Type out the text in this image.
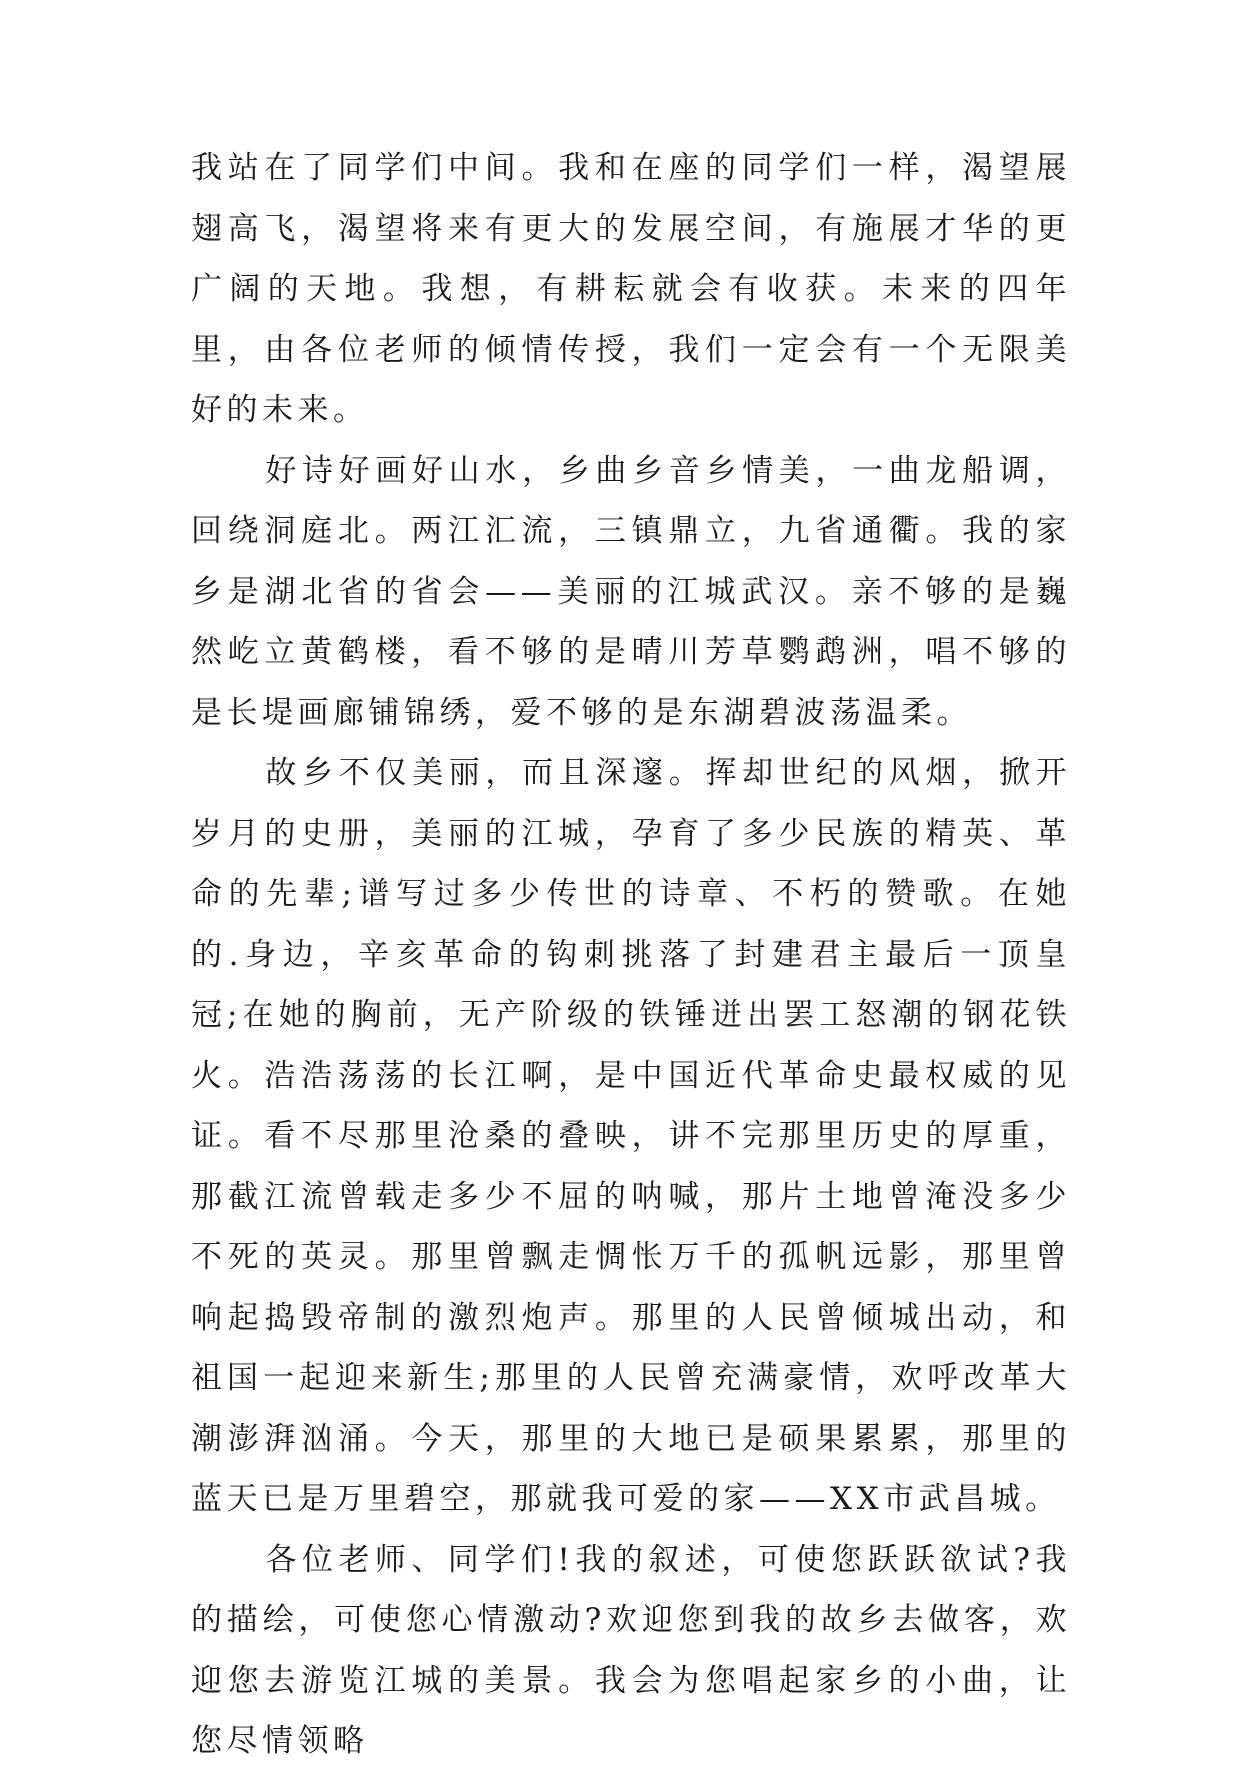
我站在了同学们中间。我和在座的同学们一样，渴望展翅高飞，渴望将来有更大的发展空间，有施展才华的更广阔的天地。我想，有耕耘就会有收获。未来的四年里，由各位老师的倾情传授，我们一定会有一个无限美好的未来。

好诗好画好山水，乡曲乡音乡情美，一曲龙船调，回绕洞庭北。两江汇流，三镇鼎立，九省通衢。我的家乡是湖北省的省会——美丽的江城武汉。亲不够的是巍然屹立黄鹤楼，看不够的是晴川芳草鹦鹉洲，唱不够的是长堤画廊铺锦绣，爱不够的是东湖碧波荡温柔。

故乡不仅美丽，而且深邃。挥却世纪的风烟，掀开岁月的史册，美丽的江城，孕育了多少民族的精英、革命的先辈;谱写过多少传世的诗章、不朽的赞歌。在她的.身边，辛亥革命的钩刺挑落了封建君主最后一顶皇冠;在她的胸前，无产阶级的铁锤迸出罢工怒潮的钢花铁火。浩浩荡荡的长江啊，是中国近代革命史最权威的见证。看不尽那里沧桑的叠映，讲不完那里历史的厚重，那截江流曾载走多少不屈的呐喊，那片土地曾淹没多少不死的英灵。那里曾飘走惆怅万千的孤帆远影，那里曾响起捣毁帝制的激烈炮声。那里的人民曾倾城出动，和祖国一起迎来新生;那里的人民曾充满豪情，欢呼改革大潮澎湃汹涌。今天，那里的大地已是硕果累累，那里的蓝天已是万里碧空，那就我可爱的家——XX市武昌城。

各位老师、同学们!我的叙述，可使您跃跃欲试?我的描绘，可使您心情激动?欢迎您到我的故乡去做客，欢迎您去游览江城的美景。我会为您唱起家乡的小曲，让您尽情领略
